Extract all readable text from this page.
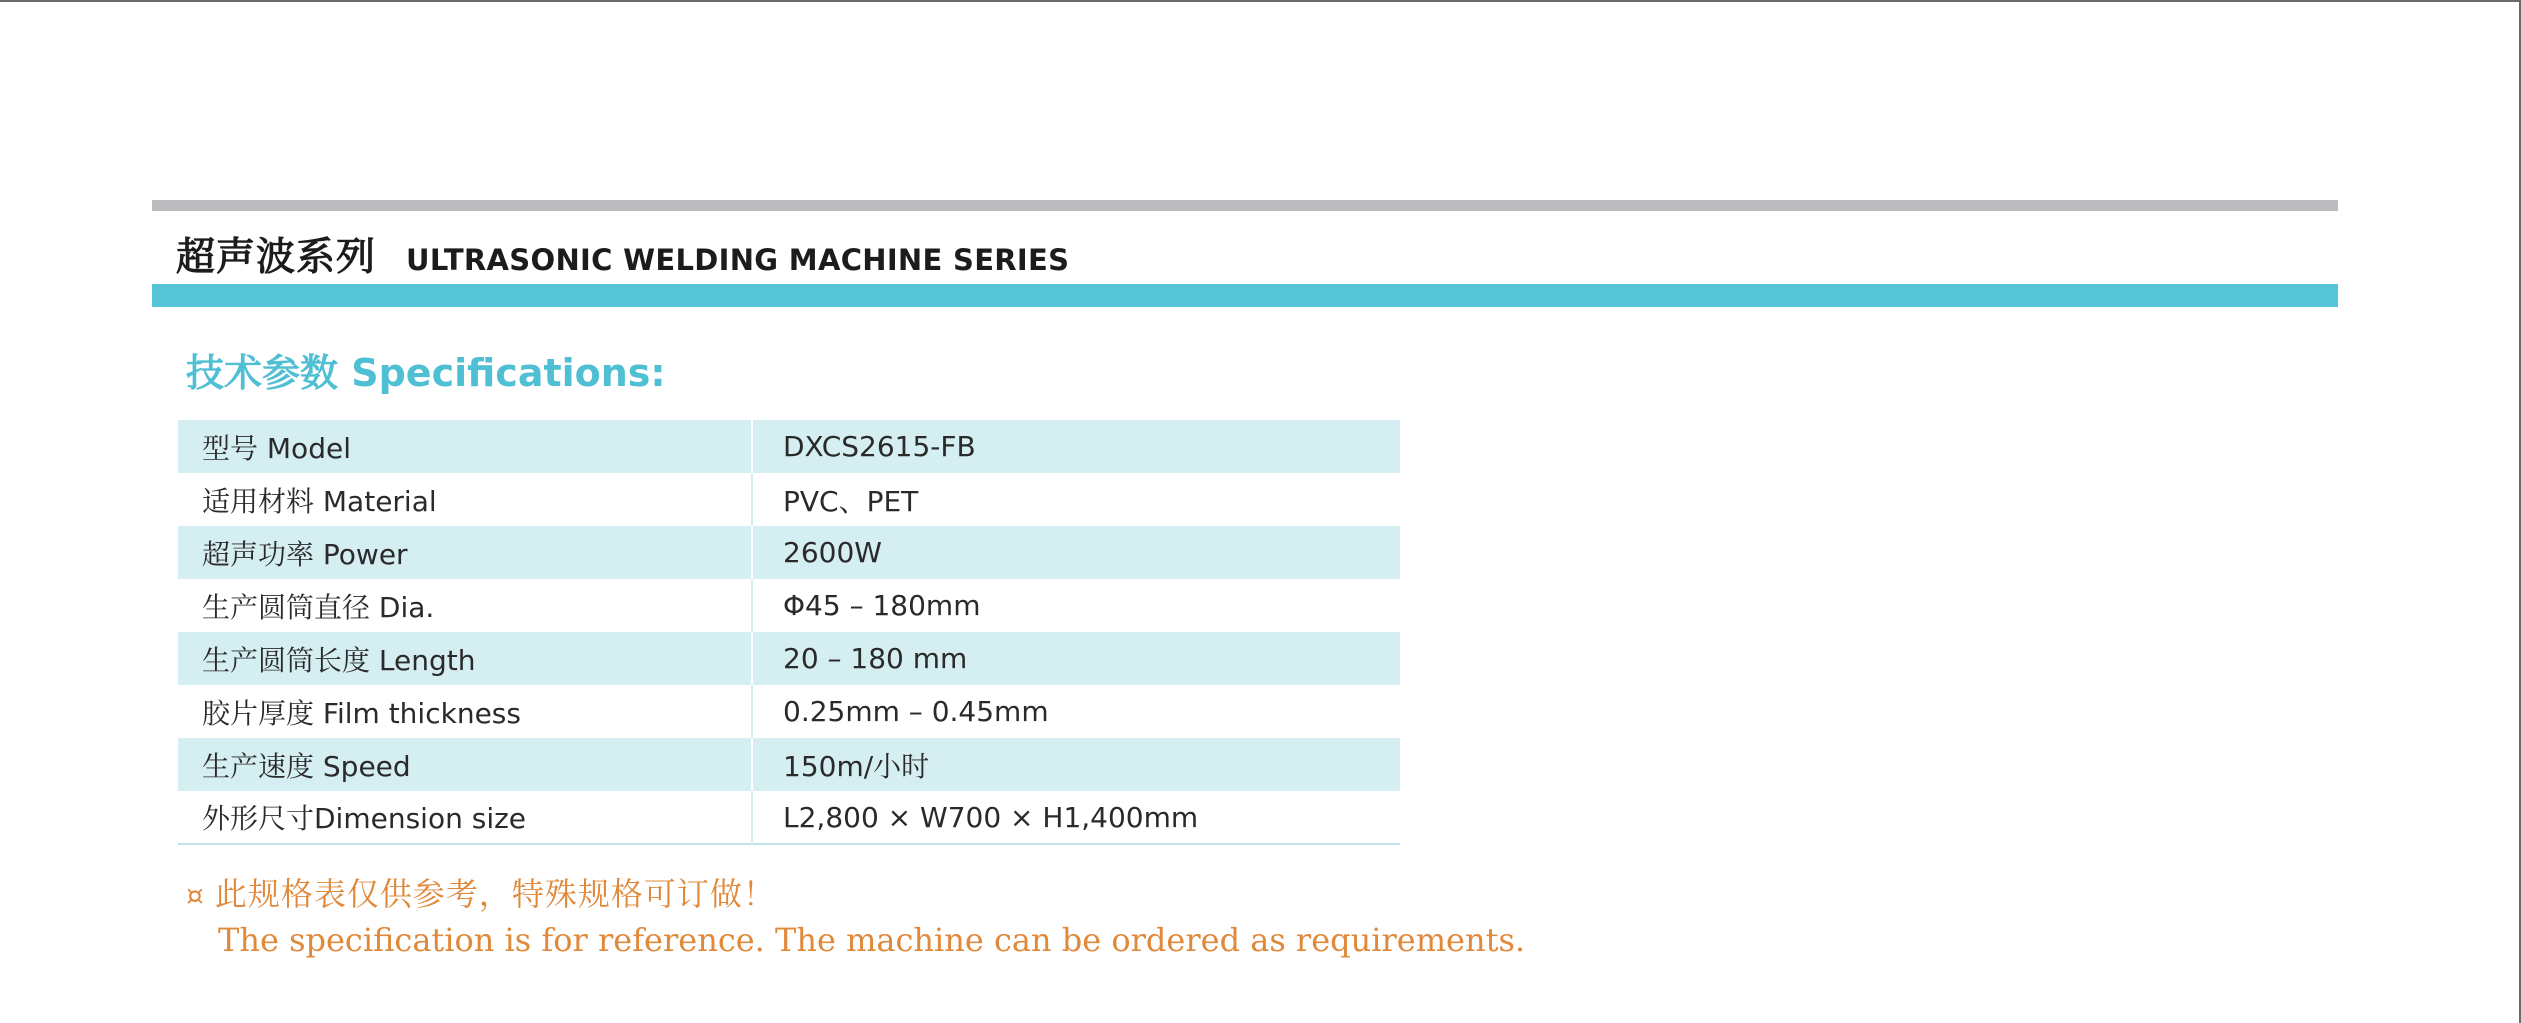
超声波系列 ULTRASONIC WELDING MACHINE SERIES
技术参数 Specifications:
型号 Model	DXCS2615-FB
适用材料 Material	PVC、PET
超声功率 Power	2600W
生产圆筒直径 Dia.	Φ45 – 180mm
生产圆筒长度 Length	20 – 180 mm
胶片厚度 Film thickness	0.25mm – 0.45mm
生产速度 Speed	150m/小时
外形尺寸Dimension size	L2,800 × W700 × H1,400mm
¤ 此规格表仅供参考，特殊规格可订做！
The specification is for reference. The machine can be ordered as requirements.
